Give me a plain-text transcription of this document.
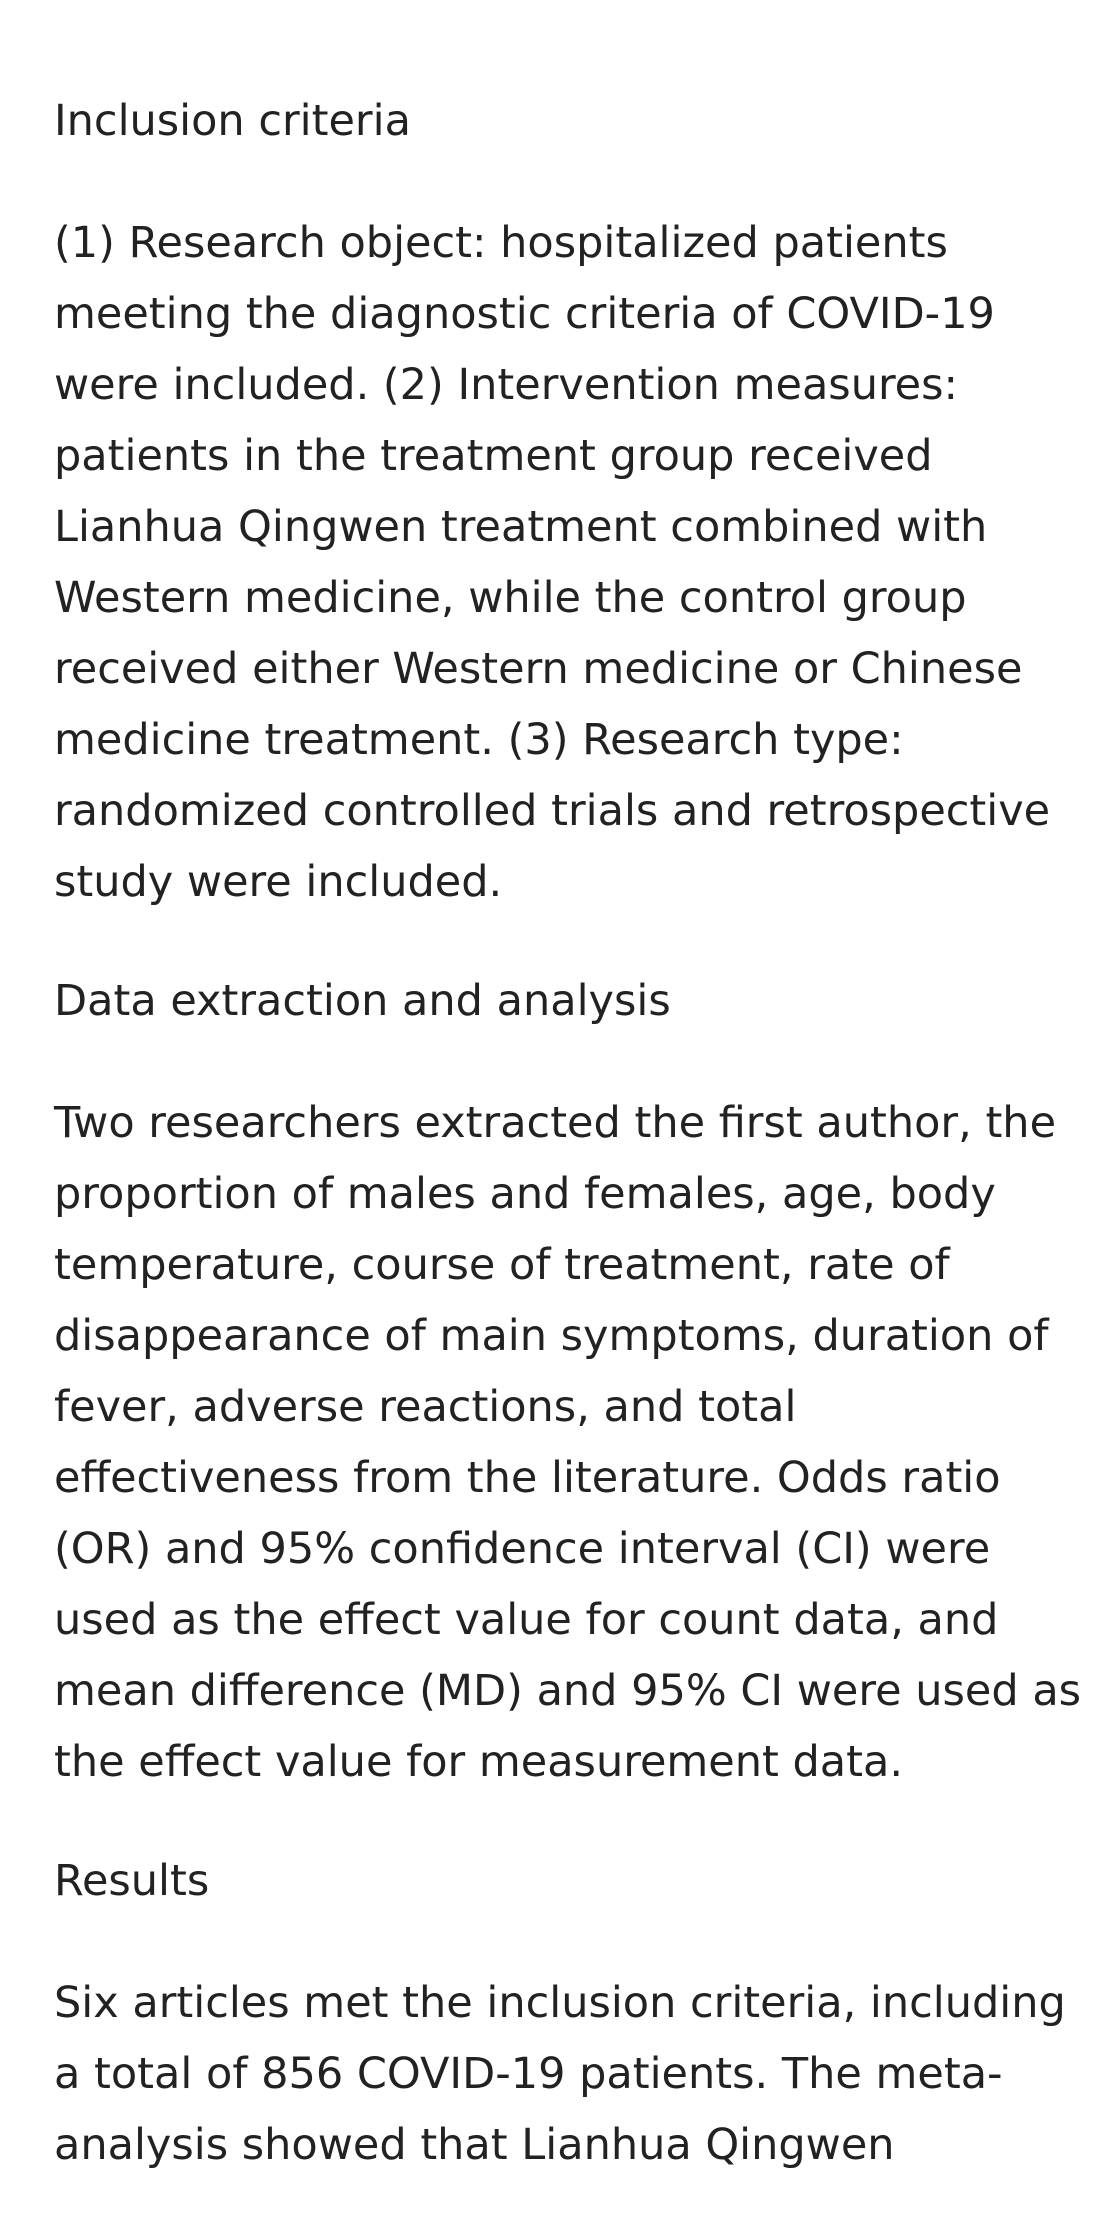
Inclusion criteria

(1) Research object: hospitalized patients
meeting the diagnostic criteria of COVID-19
were included. (2) Intervention measures:
patients in the treatment group received
Lianhua Qingwen treatment combined with
Western medicine, while the control group
received either Western medicine or Chinese
medicine treatment. (3) Research type:
randomized controlled trials and retrospective
study were included.

Data extraction and analysis

Two researchers extracted the first author, the
proportion of males and females, age, body
temperature, course of treatment, rate of
disappearance of main symptoms, duration of
fever, adverse reactions, and total
effectiveness from the literature. Odds ratio
(OR) and 95% confidence interval (CI) were
used as the effect value for count data, and
mean difference (MD) and 95% CI were used as
the effect value for measurement data.

Results

Six articles met the inclusion criteria, including
a total of 856 COVID-19 patients. The meta-
analysis showed that Lianhua Qingwen
